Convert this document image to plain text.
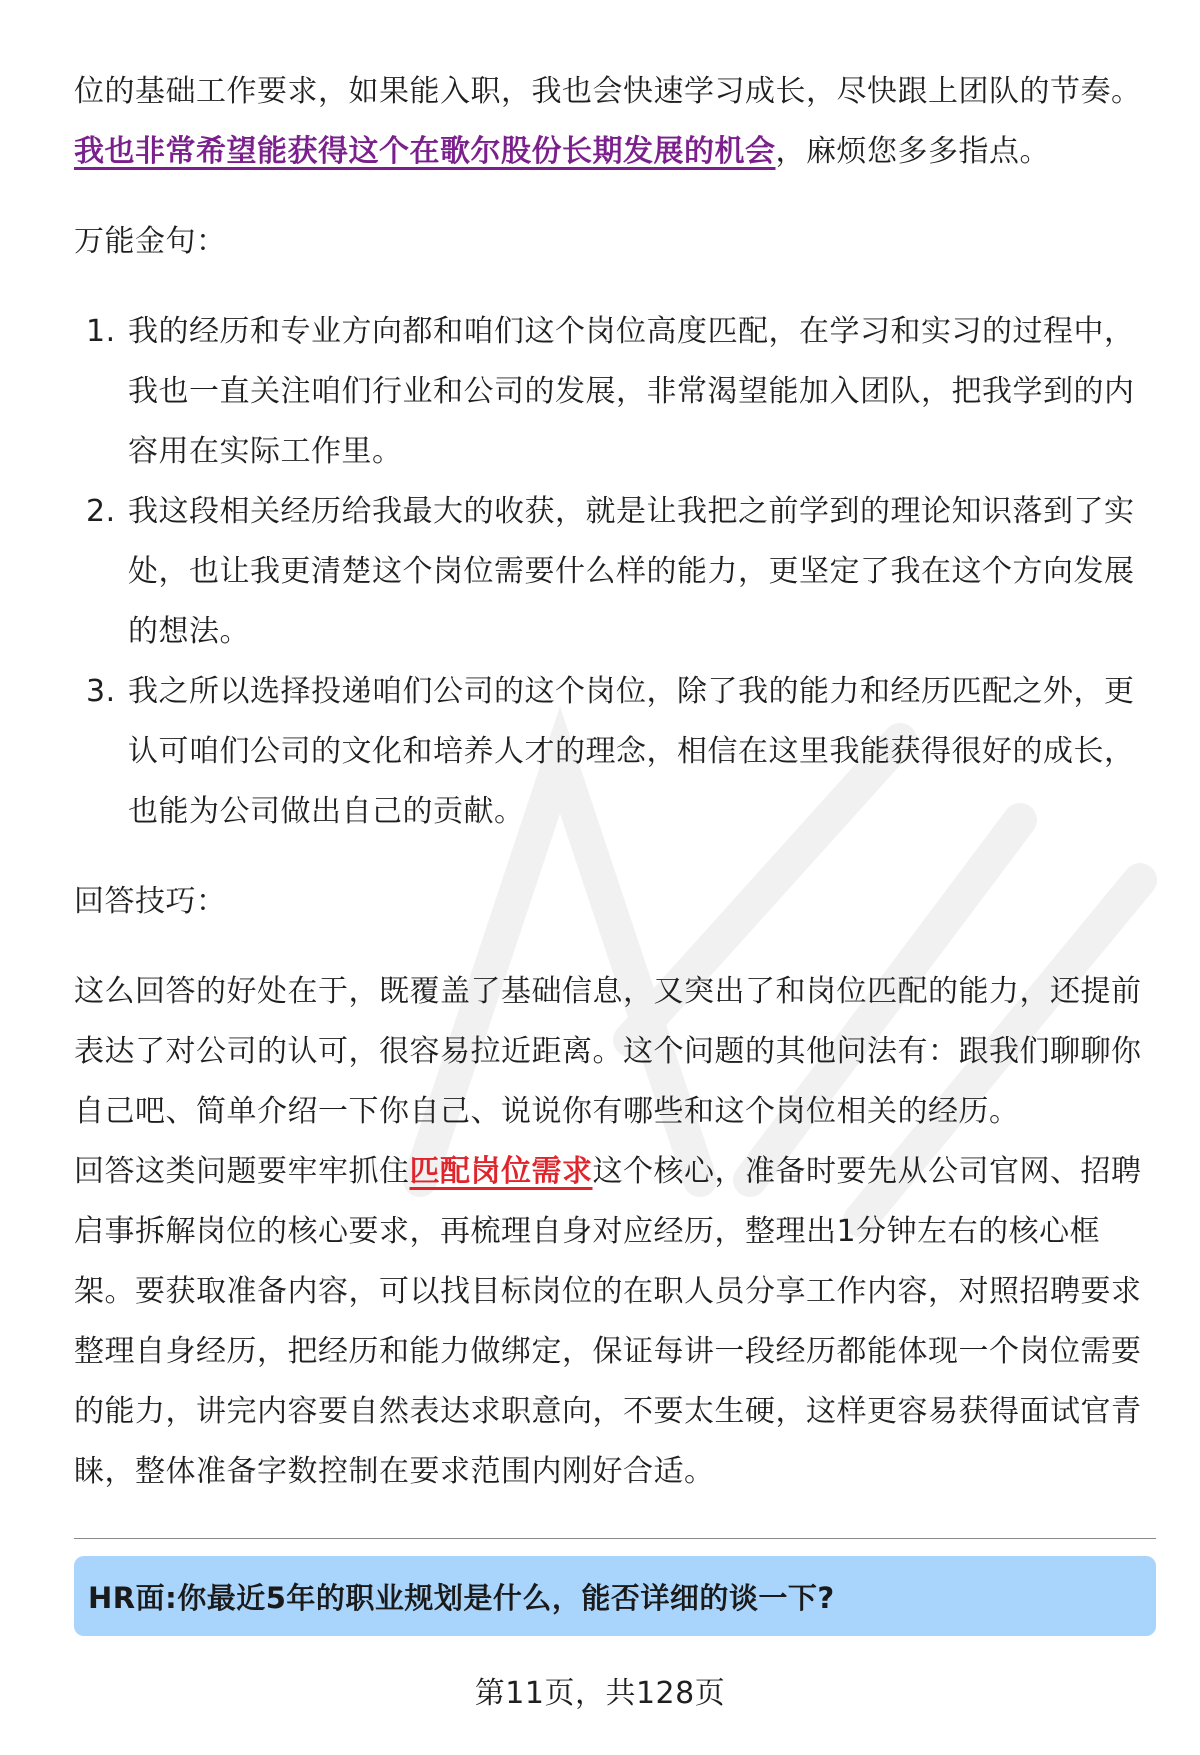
位的基础工作要求，如果能入职，我也会快速学习成长，尽快跟上团队的节奏。我也非常希望能获得这个在歌尔股份长期发展的机会，麻烦您多多指点。

万能金句：

1. 我的经历和专业方向都和咱们这个岗位高度匹配，在学习和实习的过程中，我也一直关注咱们行业和公司的发展，非常渴望能加入团队，把我学到的内容用在实际工作里。
2. 我这段相关经历给我最大的收获，就是让我把之前学到的理论知识落到了实处，也让我更清楚这个岗位需要什么样的能力，更坚定了我在这个方向发展的想法。
3. 我之所以选择投递咱们公司的这个岗位，除了我的能力和经历匹配之外，更认可咱们公司的文化和培养人才的理念，相信在这里我能获得很好的成长，也能为公司做出自己的贡献。

回答技巧：

这么回答的好处在于，既覆盖了基础信息，又突出了和岗位匹配的能力，还提前表达了对公司的认可，很容易拉近距离。这个问题的其他问法有：跟我们聊聊你自己吧、简单介绍一下你自己、说说你有哪些和这个岗位相关的经历。

回答这类问题要牢牢抓住匹配岗位需求这个核心，准备时要先从公司官网、招聘启事拆解岗位的核心要求，再梳理自身对应经历，整理出1分钟左右的核心框架。要获取准备内容，可以找目标岗位的在职人员分享工作内容，对照招聘要求整理自身经历，把经历和能力做绑定，保证每讲一段经历都能体现一个岗位需要的能力，讲完内容要自然表达求职意向，不要太生硬，这样更容易获得面试官青睐，整体准备字数控制在要求范围内刚好合适。

HR面:你最近5年的职业规划是什么，能否详细的谈一下?
第11页，共128页
